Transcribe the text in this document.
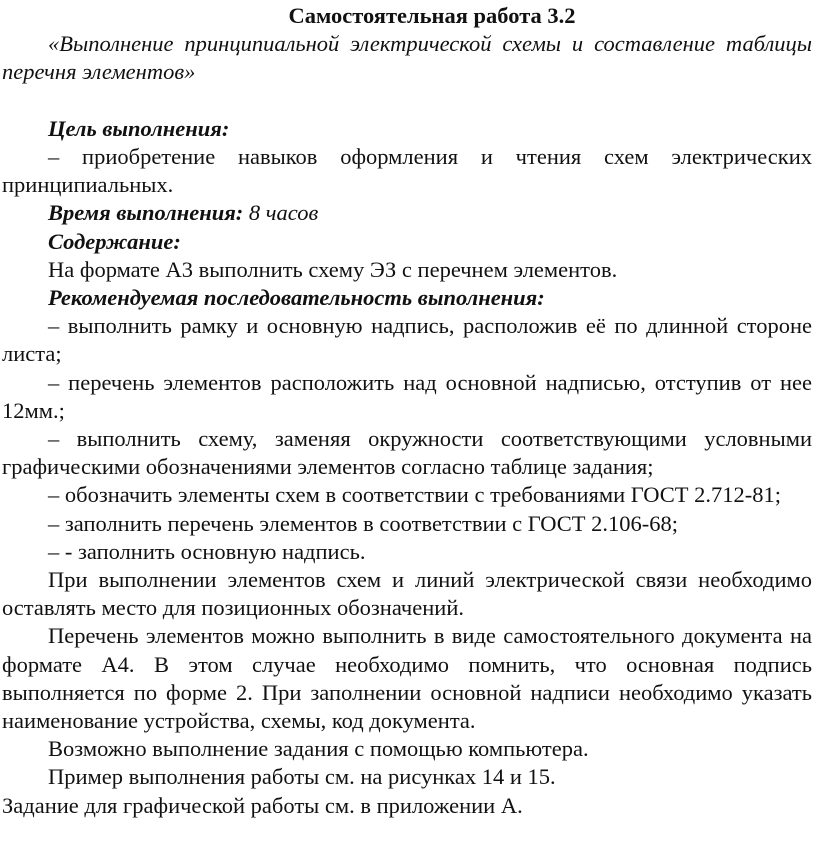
Самостоятельная работа 3.2

«Выполнение принципиальной электрической схемы и составление таблицы перечня элементов»

Цель выполнения:

– приобретение навыков оформления и чтения схем электрических принципиальных.

Время выполнения: 8 часов

Содержание:

На формате А3 выполнить схему ЭЗ с перечнем элементов.

Рекомендуемая последовательность выполнения:

– выполнить рамку и основную надпись, расположив её по длинной стороне листа;

– перечень элементов расположить над основной надписью, отступив от нее 12мм.;

– выполнить схему, заменяя окружности соответствующими условными графическими обозначениями элементов согласно таблице задания;

– обозначить элементы схем в соответствии с требованиями ГОСТ 2.712-81;

– заполнить перечень элементов в соответствии с ГОСТ 2.106-68;

– - заполнить основную надпись.

При выполнении элементов схем и линий электрической связи необходимо оставлять место для позиционных обозначений.

Перечень элементов можно выполнить в виде самостоятельного документа на формате А4. В этом случае необходимо помнить, что основная подпись выполняется по форме 2. При заполнении основной надписи необходимо указать наименование устройства, схемы, код документа.

Возможно выполнение задания с помощью компьютера.

Пример выполнения работы см. на рисунках 14 и 15.

Задание для графической работы см. в приложении А.
